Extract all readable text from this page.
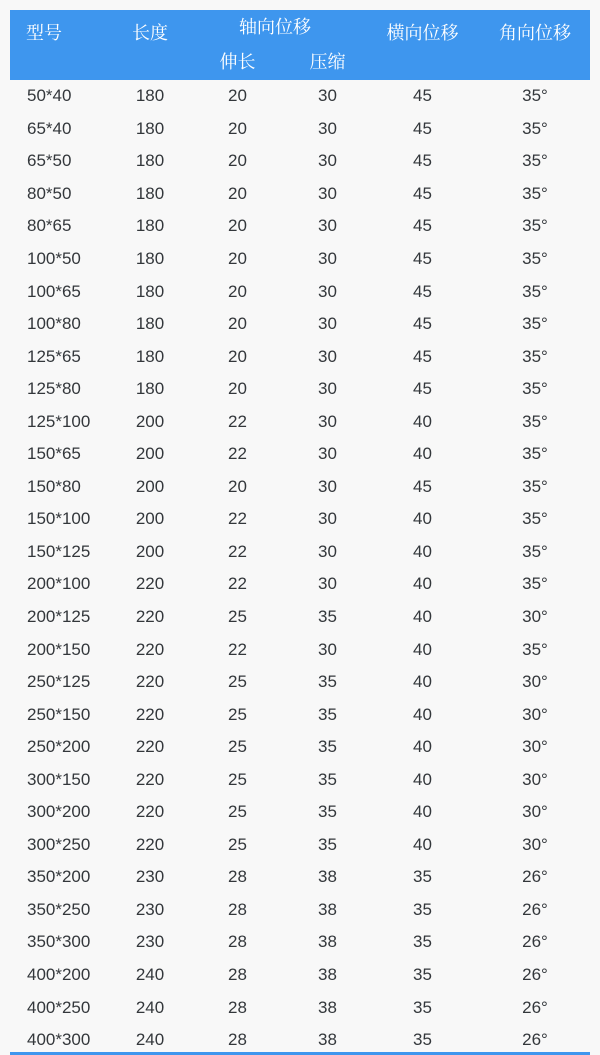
型号	长度	轴向位移		横向位移	角向位移
		伸长	压缩		
50*40	180	20	30	45	35°
65*40	180	20	30	45	35°
65*50	180	20	30	45	35°
80*50	180	20	30	45	35°
80*65	180	20	30	45	35°
100*50	180	20	30	45	35°
100*65	180	20	30	45	35°
100*80	180	20	30	45	35°
125*65	180	20	30	45	35°
125*80	180	20	30	45	35°
125*100	200	22	30	40	35°
150*65	200	22	30	40	35°
150*80	200	20	30	45	35°
150*100	200	22	30	40	35°
150*125	200	22	30	40	35°
200*100	220	22	30	40	35°
200*125	220	25	35	40	30°
200*150	220	22	30	40	35°
250*125	220	25	35	40	30°
250*150	220	25	35	40	30°
250*200	220	25	35	40	30°
300*150	220	25	35	40	30°
300*200	220	25	35	40	30°
300*250	220	25	35	40	30°
350*200	230	28	38	35	26°
350*250	230	28	38	35	26°
350*300	230	28	38	35	26°
400*200	240	28	38	35	26°
400*250	240	28	38	35	26°
400*300	240	28	38	35	26°
